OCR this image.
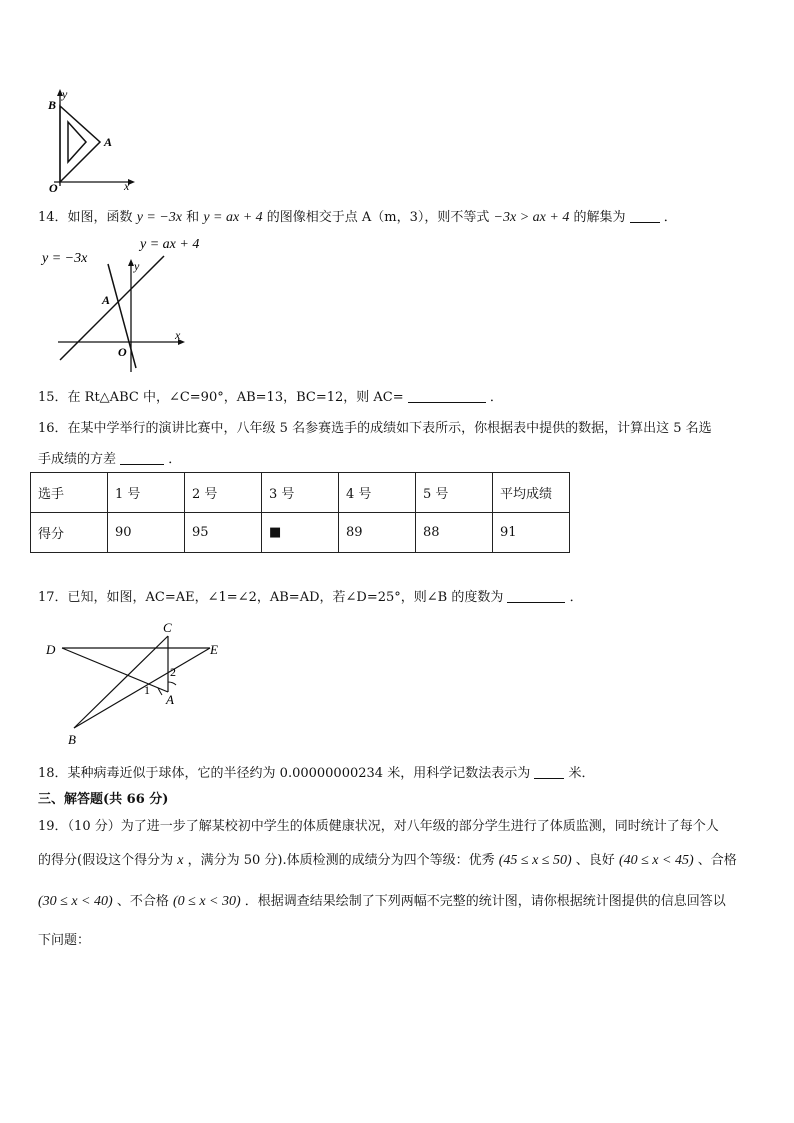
y
x
B
A
O
14．如图，函数 y = −3x 和 y = ax + 4 的图像相交于点 A（m，3），则不等式 −3x > ax + 4 的解集为	．
y = −3x
y = ax + 4
y
x
A
O
15．在 Rt△ABC 中，∠C=90°，AB=13，BC=12，则 AC=	．
16．在某中学举行的演讲比赛中，八年级 5 名参赛选手的成绩如下表所示，你根据表中提供的数据，计算出这 5 名选
手成绩的方差	．
选手	1 号	2 号	3 号	4 号	5 号	平均成绩
得分	90	95	■	89	88	91
17．已知，如图，AC=AE，∠1=∠2，AB=AD，若∠D=25°，则∠B 的度数为	．
C
D	E
2
1
A
B
18．某种病毒近似于球体，它的半径约为 0.00000000234 米，用科学记数法表示为	米．
三、解答题(共 66 分)
19．（10 分）为了进一步了解某校初中学生的体质健康状况，对八年级的部分学生进行了体质监测，同时统计了每个人
的得分(假设这个得分为 x ，满分为 50 分).体质检测的成绩分为四个等级：优秀 (45 ≤ x ≤ 50) 、良好 (40 ≤ x < 45) 、合格
(30 ≤ x < 40) 、不合格 (0 ≤ x < 30) ．根据调查结果绘制了下列两幅不完整的统计图，请你根据统计图提供的信息回答以
下问题：
